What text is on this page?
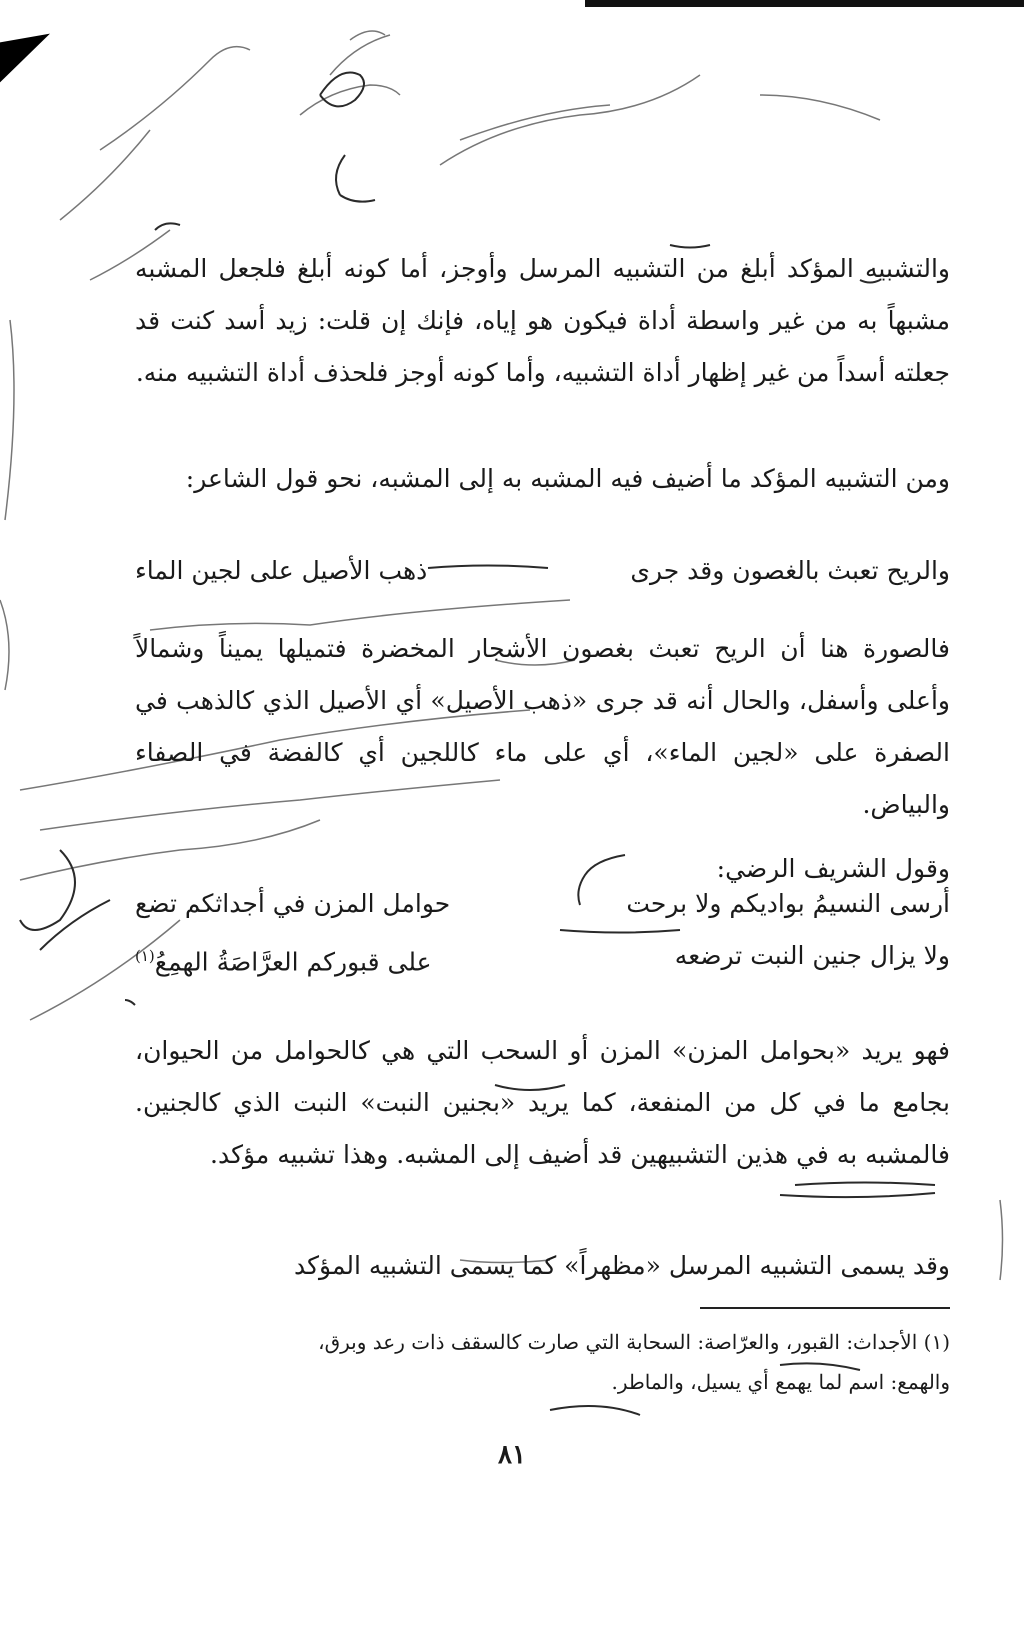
والتشبيه المؤكد أبلغ من التشبيه المرسل وأوجز، أما كونه أبلغ فلجعل المشبه مشبهاً به من غير واسطة أداة فيكون هو إياه، فإنك إن قلت: زيد أسد كنت قد جعلته أسداً من غير إظهار أداة التشبيه، وأما كونه أوجز فلحذف أداة التشبيه منه.

ومن التشبيه المؤكد ما أضيف فيه المشبه به إلى المشبه، نحو قول الشاعر:

والريح تعبث بالغصون وقد جرى
ذهب الأصيل على لجين الماء

فالصورة هنا أن الريح تعبث بغصون الأشجار المخضرة فتميلها يميناً وشمالاً وأعلى وأسفل، والحال أنه قد جرى «ذهب الأصيل» أي الأصيل الذي كالذهب في الصفرة على «لجين الماء»، أي على ماء كاللجين أي كالفضة في الصفاء والبياض.

وقول الشريف الرضي:

أرسى النسيمُ بواديكم ولا برحت
حوامل المزن في أجداثكم تضع
ولا يزال جنين النبت ترضعه
على قبوركم العرَّاصَةُ الهمِعُ$^{(١)}$

فهو يريد «بحوامل المزن» المزن أو السحب التي هي كالحوامل من الحيوان، بجامع ما في كل من المنفعة، كما يريد «بجنين النبت» النبت الذي كالجنين. فالمشبه به في هذين التشبيهين قد أضيف إلى المشبه. وهذا تشبيه مؤكد.

وقد يسمى التشبيه المرسل «مظهراً» كما يسمى التشبيه المؤكد

(١) الأجداث: القبور، والعرّاصة: السحابة التي صارت كالسقف ذات رعد وبرق،
والهمع: اسم لما يهمع أي يسيل، والماطر.
٨١
